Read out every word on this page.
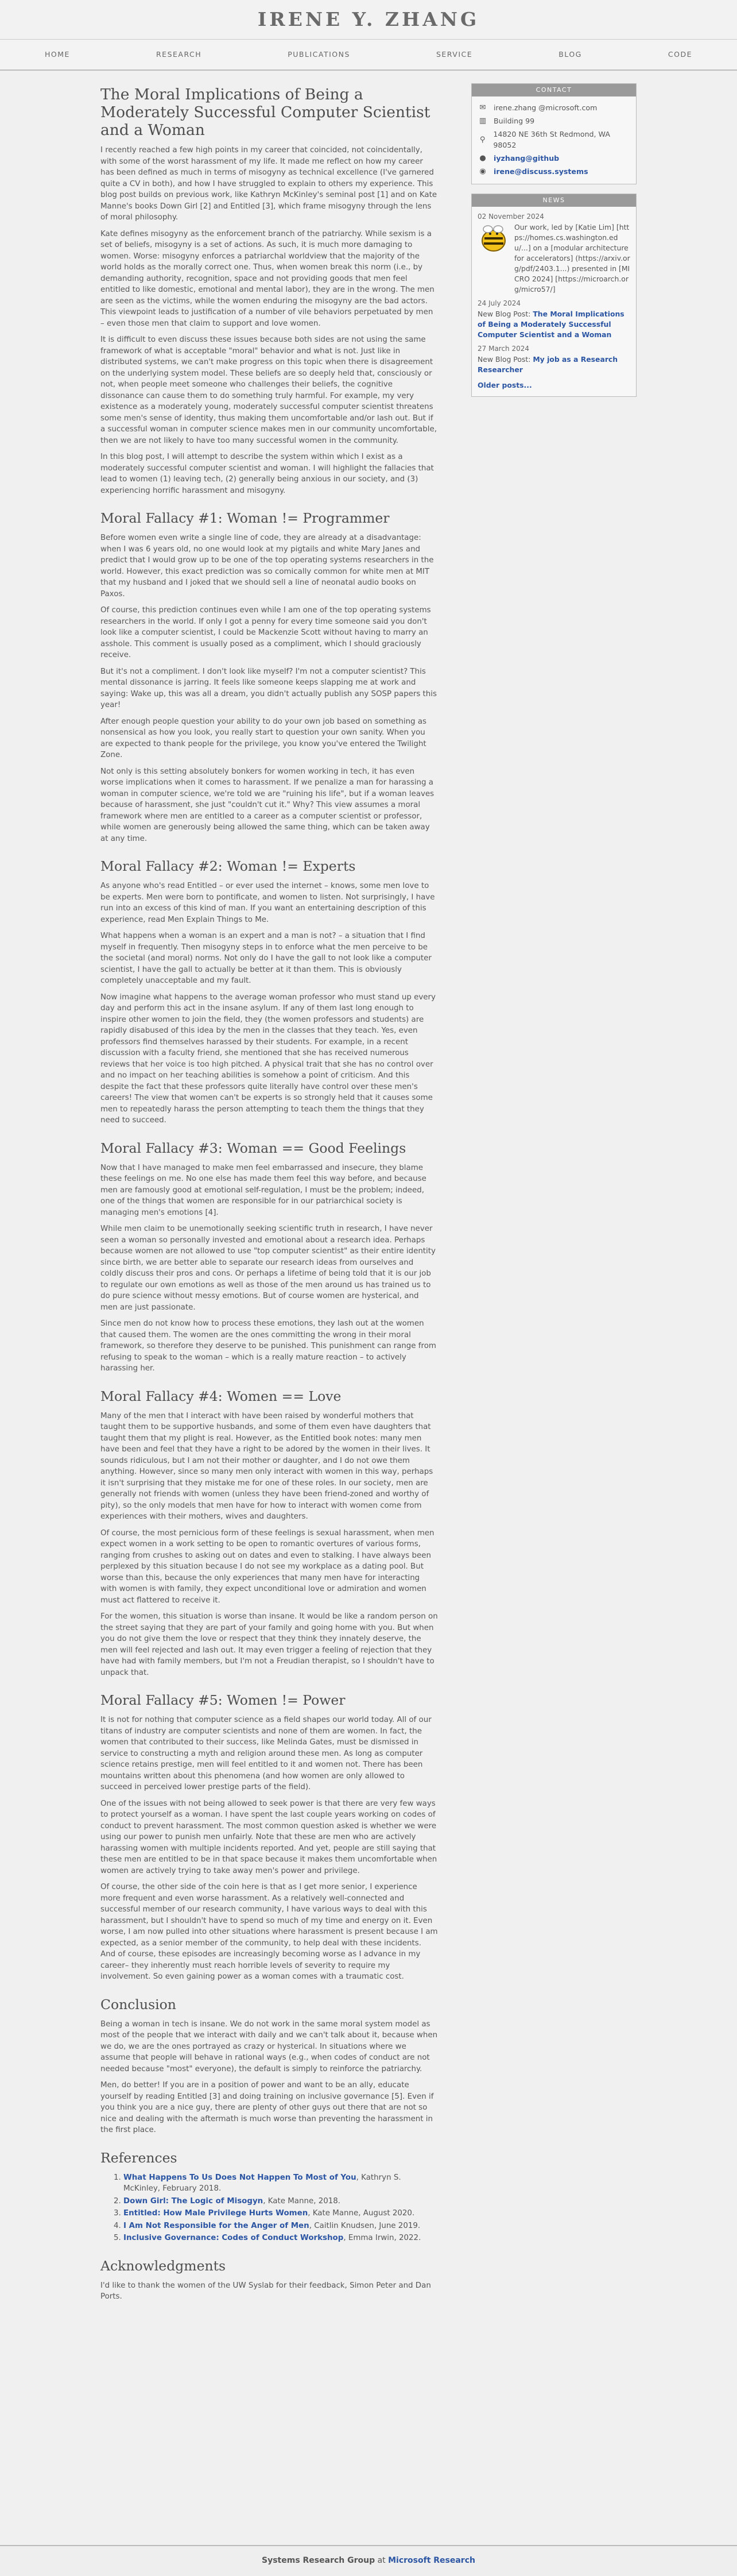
IRENE Y. ZHANG
HOME	RESEARCH	PUBLICATIONS	SERVICE	BLOG	CODE
The Moral Implications of Being a Moderately Successful Computer Scientist and a Woman

I recently reached a few high points in my career that coincided, not coincidentally, with some of the worst harassment of my life. It made me reflect on how my career has been defined as much in terms of misogyny as technical excellence (I've garnered quite a CV in both), and how I have struggled to explain to others my experience. This blog post builds on previous work, like Kathryn McKinley's seminal post [1] and on Kate Manne's books Down Girl [2] and Entitled [3], which frame misogyny through the lens of moral philosophy.

Kate defines misogyny as the enforcement branch of the patriarchy. While sexism is a set of beliefs, misogyny is a set of actions. As such, it is much more damaging to women. Worse: misogyny enforces a patriarchal worldview that the majority of the world holds as the morally correct one. Thus, when women break this norm (i.e., by demanding authority, recognition, space and not providing goods that men feel entitled to like domestic, emotional and mental labor), they are in the wrong. The men are seen as the victims, while the women enduring the misogyny are the bad actors. This viewpoint leads to justification of a number of vile behaviors perpetuated by men – even those men that claim to support and love women.

It is difficult to even discuss these issues because both sides are not using the same framework of what is acceptable "moral" behavior and what is not. Just like in distributed systems, we can't make progress on this topic when there is disagreement on the underlying system model. These beliefs are so deeply held that, consciously or not, when people meet someone who challenges their beliefs, the cognitive dissonance can cause them to do something truly harmful. For example, my very existence as a moderately young, moderately successful computer scientist threatens some men's sense of identity, thus making them uncomfortable and/or lash out. But if a successful woman in computer science makes men in our community uncomfortable, then we are not likely to have too many successful women in the community.

In this blog post, I will attempt to describe the system within which I exist as a moderately successful computer scientist and woman. I will highlight the fallacies that lead to women (1) leaving tech, (2) generally being anxious in our society, and (3) experiencing horrific harassment and misogyny.

Moral Fallacy #1: Woman != Programmer

Before women even write a single line of code, they are already at a disadvantage: when I was 6 years old, no one would look at my pigtails and white Mary Janes and predict that I would grow up to be one of the top operating systems researchers in the world. However, this exact prediction was so comically common for white men at MIT that my husband and I joked that we should sell a line of neonatal audio books on Paxos.

Of course, this prediction continues even while I am one of the top operating systems researchers in the world. If only I got a penny for every time someone said you don't look like a computer scientist, I could be Mackenzie Scott without having to marry an asshole. This comment is usually posed as a compliment, which I should graciously receive.

But it's not a compliment. I don't look like myself? I'm not a computer scientist? This mental dissonance is jarring. It feels like someone keeps slapping me at work and saying: Wake up, this was all a dream, you didn't actually publish any SOSP papers this year!

After enough people question your ability to do your own job based on something as nonsensical as how you look, you really start to question your own sanity. When you are expected to thank people for the privilege, you know you've entered the Twilight Zone.

Not only is this setting absolutely bonkers for women working in tech, it has even worse implications when it comes to harassment. If we penalize a man for harassing a woman in computer science, we're told we are "ruining his life", but if a woman leaves because of harassment, she just "couldn't cut it." Why? This view assumes a moral framework where men are entitled to a career as a computer scientist or professor, while women are generously being allowed the same thing, which can be taken away at any time.

Moral Fallacy #2: Woman != Experts

As anyone who's read Entitled – or ever used the internet – knows, some men love to be experts. Men were born to pontificate, and women to listen. Not surprisingly, I have run into an excess of this kind of man. If you want an entertaining description of this experience, read Men Explain Things to Me.

What happens when a woman is an expert and a man is not? – a situation that I find myself in frequently. Then misogyny steps in to enforce what the men perceive to be the societal (and moral) norms. Not only do I have the gall to not look like a computer scientist, I have the gall to actually be better at it than them. This is obviously completely unacceptable and my fault.

Now imagine what happens to the average woman professor who must stand up every day and perform this act in the insane asylum. If any of them last long enough to inspire other women to join the field, they (the women professors and students) are rapidly disabused of this idea by the men in the classes that they teach. Yes, even professors find themselves harassed by their students. For example, in a recent discussion with a faculty friend, she mentioned that she has received numerous reviews that her voice is too high pitched. A physical trait that she has no control over and no impact on her teaching abilities is somehow a point of criticism. And this despite the fact that these professors quite literally have control over these men's careers! The view that women can't be experts is so strongly held that it causes some men to repeatedly harass the person attempting to teach them the things that they need to succeed.

Moral Fallacy #3: Woman == Good Feelings

Now that I have managed to make men feel embarrassed and insecure, they blame these feelings on me. No one else has made them feel this way before, and because men are famously good at emotional self-regulation, I must be the problem; indeed, one of the things that women are responsible for in our patriarchical society is managing men's emotions [4].

While men claim to be unemotionally seeking scientific truth in research, I have never seen a woman so personally invested and emotional about a research idea. Perhaps because women are not allowed to use "top computer scientist" as their entire identity since birth, we are better able to separate our research ideas from ourselves and coldly discuss their pros and cons. Or perhaps a lifetime of being told that it is our job to regulate our own emotions as well as those of the men around us has trained us to do pure science without messy emotions. But of course women are hysterical, and men are just passionate.

Since men do not know how to process these emotions, they lash out at the women that caused them. The women are the ones committing the wrong in their moral framework, so therefore they deserve to be punished. This punishment can range from refusing to speak to the woman – which is a really mature reaction – to actively harassing her.

Moral Fallacy #4: Women == Love

Many of the men that I interact with have been raised by wonderful mothers that taught them to be supportive husbands, and some of them even have daughters that taught them that my plight is real. However, as the Entitled book notes: many men have been and feel that they have a right to be adored by the women in their lives. It sounds ridiculous, but I am not their mother or daughter, and I do not owe them anything. However, since so many men only interact with women in this way, perhaps it isn't surprising that they mistake me for one of these roles. In our society, men are generally not friends with women (unless they have been friend-zoned and worthy of pity), so the only models that men have for how to interact with women come from experiences with their mothers, wives and daughters.

Of course, the most pernicious form of these feelings is sexual harassment, when men expect women in a work setting to be open to romantic overtures of various forms, ranging from crushes to asking out on dates and even to stalking. I have always been perplexed by this situation because I do not see my workplace as a dating pool. But worse than this, because the only experiences that many men have for interacting with women is with family, they expect unconditional love or admiration and women must act flattered to receive it.

For the women, this situation is worse than insane. It would be like a random person on the street saying that they are part of your family and going home with you. But when you do not give them the love or respect that they think they innately deserve, the men will feel rejected and lash out. It may even trigger a feeling of rejection that they have had with family members, but I'm not a Freudian therapist, so I shouldn't have to unpack that.

Moral Fallacy #5: Women != Power

It is not for nothing that computer science as a field shapes our world today. All of our titans of industry are computer scientists and none of them are women. In fact, the women that contributed to their success, like Melinda Gates, must be dismissed in service to constructing a myth and religion around these men. As long as computer science retains prestige, men will feel entitled to it and women not. There has been mountains written about this phenomena (and how women are only allowed to succeed in perceived lower prestige parts of the field).

One of the issues with not being allowed to seek power is that there are very few ways to protect yourself as a woman. I have spent the last couple years working on codes of conduct to prevent harassment. The most common question asked is whether we were using our power to punish men unfairly. Note that these are men who are actively harassing women with multiple incidents reported. And yet, people are still saying that these men are entitled to be in that space because it makes them uncomfortable when women are actively trying to take away men's power and privilege.

Of course, the other side of the coin here is that as I get more senior, I experience more frequent and even worse harassment. As a relatively well-connected and successful member of our research community, I have various ways to deal with this harassment, but I shouldn't have to spend so much of my time and energy on it. Even worse, I am now pulled into other situations where harassment is present because I am expected, as a senior member of the community, to help deal with these incidents. And of course, these episodes are increasingly becoming worse as I advance in my career– they inherently must reach horrible levels of severity to require my involvement. So even gaining power as a woman comes with a traumatic cost.

Conclusion

Being a woman in tech is insane. We do not work in the same moral system model as most of the people that we interact with daily and we can't talk about it, because when we do, we are the ones portrayed as crazy or hysterical. In situations where we assume that people will behave in rational ways (e.g., when codes of conduct are not needed because "most" everyone), the default is simply to reinforce the patriarchy.

Men, do better! If you are in a position of power and want to be an ally, educate yourself by reading Entitled [3] and doing training on inclusive governance [5]. Even if you think you are a nice guy, there are plenty of other guys out there that are not so nice and dealing with the aftermath is much worse than preventing the harassment in the first place.

References
1. What Happens To Us Does Not Happen To Most of You, Kathryn S. McKinley, February 2018.
2. Down Girl: The Logic of Misogyn, Kate Manne, 2018.
3. Entitled: How Male Privilege Hurts Women, Kate Manne, August 2020.
4. I Am Not Responsible for the Anger of Men, Caitlin Knudsen, June 2019.
5. Inclusive Governance: Codes of Conduct Workshop, Emma Irwin, 2022.
Acknowledgments

I'd like to thank the women of the UW Syslab for their feedback, Simon Peter and Dan Ports.

CONTACT
✉ irene.zhang @microsoft.com
▥ Building 99
⚲
14820 NE 36th St Redmond, WA 98052
● iyzhang@github
◉ irene@discuss.systems
NEWS
02 November 2024
Our work, led by [Katie Lim] [https://homes.cs.washington.edu/...] on a [modular architecture for accelerators] (https://arxiv.org/pdf/2403.1...) presented in [MICRO 2024] [https://microarch.org/micro57/]
24 July 2024
New Blog Post: The Moral Implications of Being a Moderately Successful Computer Scientist and a Woman
27 March 2024
New Blog Post: My job as a Research Researcher
Older posts...
Systems Research Group at Microsoft Research
